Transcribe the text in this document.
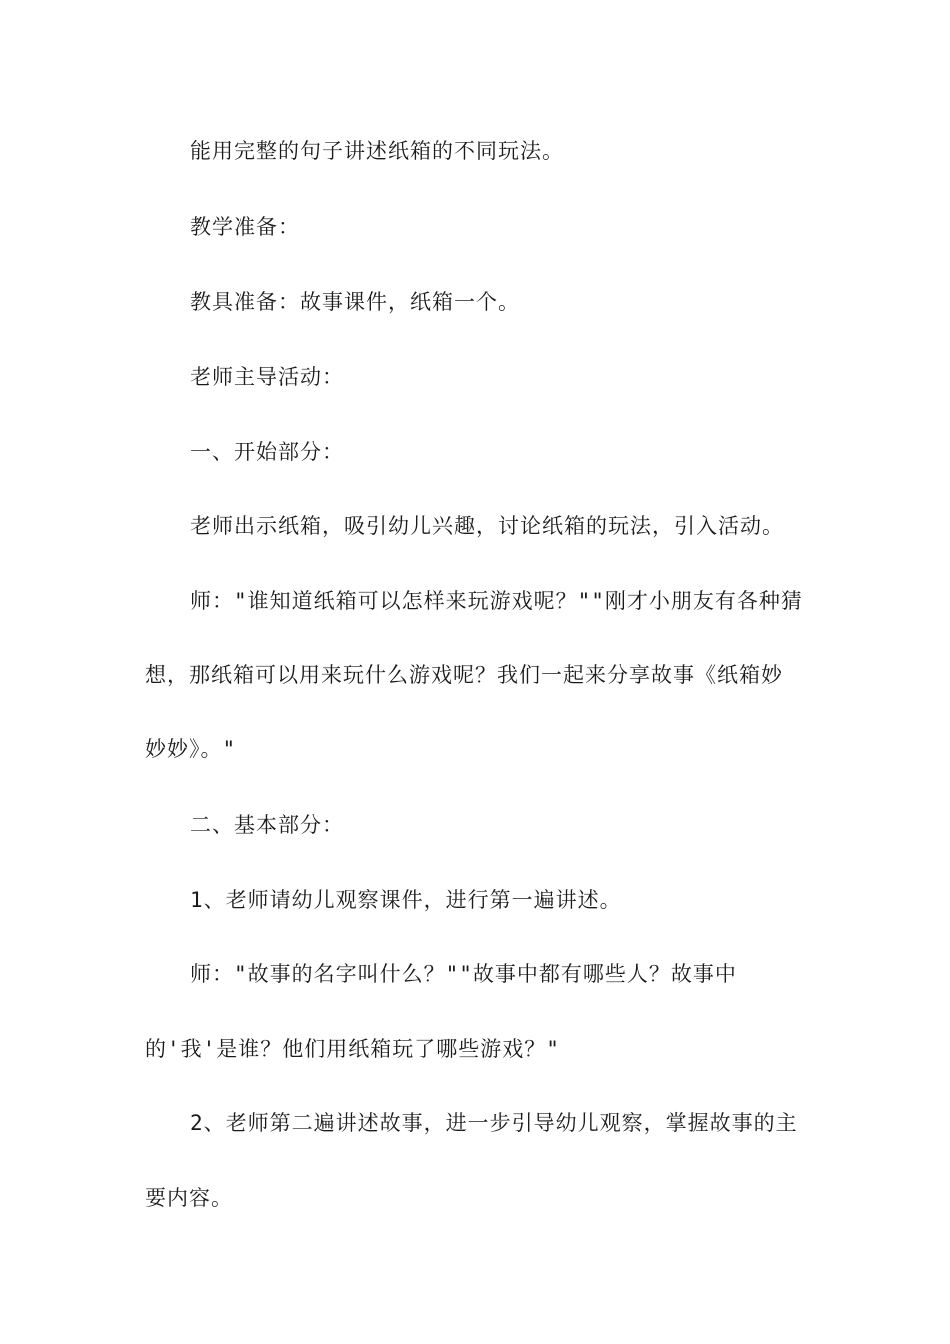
能用完整的句子讲述纸箱的不同玩法。
教学准备：
教具准备：故事课件，纸箱一个。
老师主导活动：
一、开始部分：
老师出示纸箱，吸引幼儿兴趣，讨论纸箱的玩法，引入活动。
师："谁知道纸箱可以怎样来玩游戏呢？""刚才小朋友有各种猜
想，那纸箱可以用来玩什么游戏呢？我们一起来分享故事《纸箱妙
妙妙》。"
二、基本部分：
1、老师请幼儿观察课件，进行第一遍讲述。
师："故事的名字叫什么？""故事中都有哪些人？故事中
的'我'是谁？他们用纸箱玩了哪些游戏？"
2、老师第二遍讲述故事，进一步引导幼儿观察，掌握故事的主
要内容。
